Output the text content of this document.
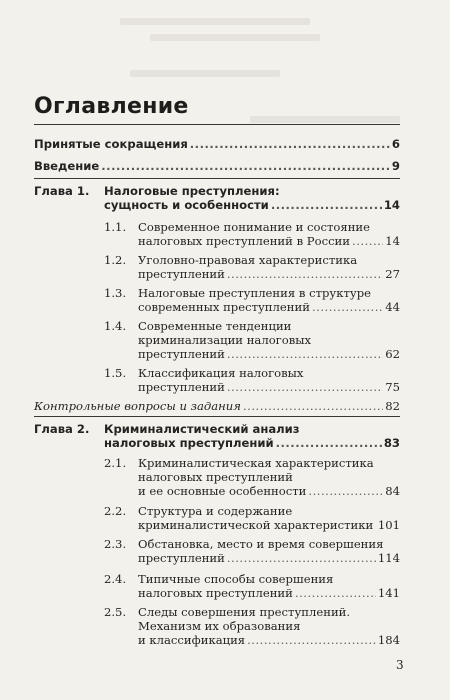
Оглавление
Принятые сокращения .....	6
Введение .....	9
Глава 1. Налоговые преступления:
сущность и особенности .....	14
1.1. Современное понимание и состояние
налоговых преступлений в России .....	14
1.2. Уголовно-правовая характеристика
преступлений .....	27
1.3. Налоговые преступления в структуре
современных преступлений .....	44
1.4. Современные тенденции
криминализации налоговых
преступлений .....	62
1.5. Классификация налоговых
преступлений .....	75
Контрольные вопросы и задания .....	82
Глава 2. Криминалистический анализ
налоговых преступлений .....	83
2.1. Криминалистическая характеристика
налоговых преступлений
и ее основные особенности .....	84
2.2. Структура и содержание
криминалистической характеристики ..... 101
2.3. Обстановка, место и время совершения
преступлений .....	114
2.4. Типичные способы совершения
налоговых преступлений .....	141
2.5. Следы совершения преступлений.
Механизм их образования
и классификация .....	184
3
